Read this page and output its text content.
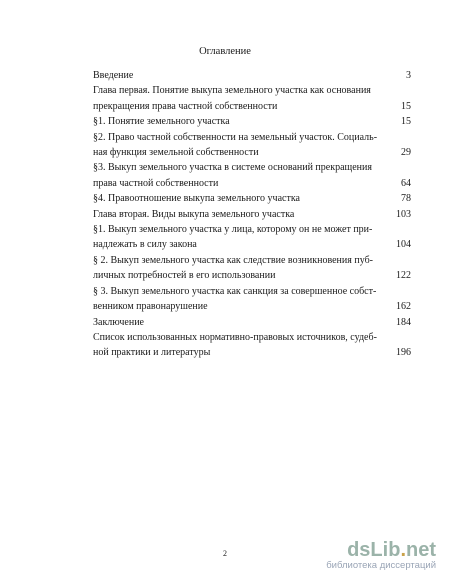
Оглавление
Введение	3
Глава первая. Понятие выкупа земельного участка как основания
прекращения права частной собственности	15
§1. Понятие земельного участка	15
§2. Право частной собственности на земельный участок. Социаль-
ная функция земельной собственности	29
§3. Выкуп земельного участка в системе оснований прекращения
права частной собственности	64
§4. Правоотношение выкупа земельного участка	78
Глава вторая. Виды выкупа земельного участка	103
§1. Выкуп земельного участка у лица, которому он не может при-
надлежать в силу закона	104
§ 2. Выкуп земельного участка как следствие возникновения пуб-
личных потребностей в его использовании	122
§ 3. Выкуп земельного участка как санкция за совершенное собст-
венником правонарушение	162
Заключение	184
Список использованных нормативно-правовых источников, судеб-
ной практики и литературы	196
2	dsLib.net
библиотека диссертаций
